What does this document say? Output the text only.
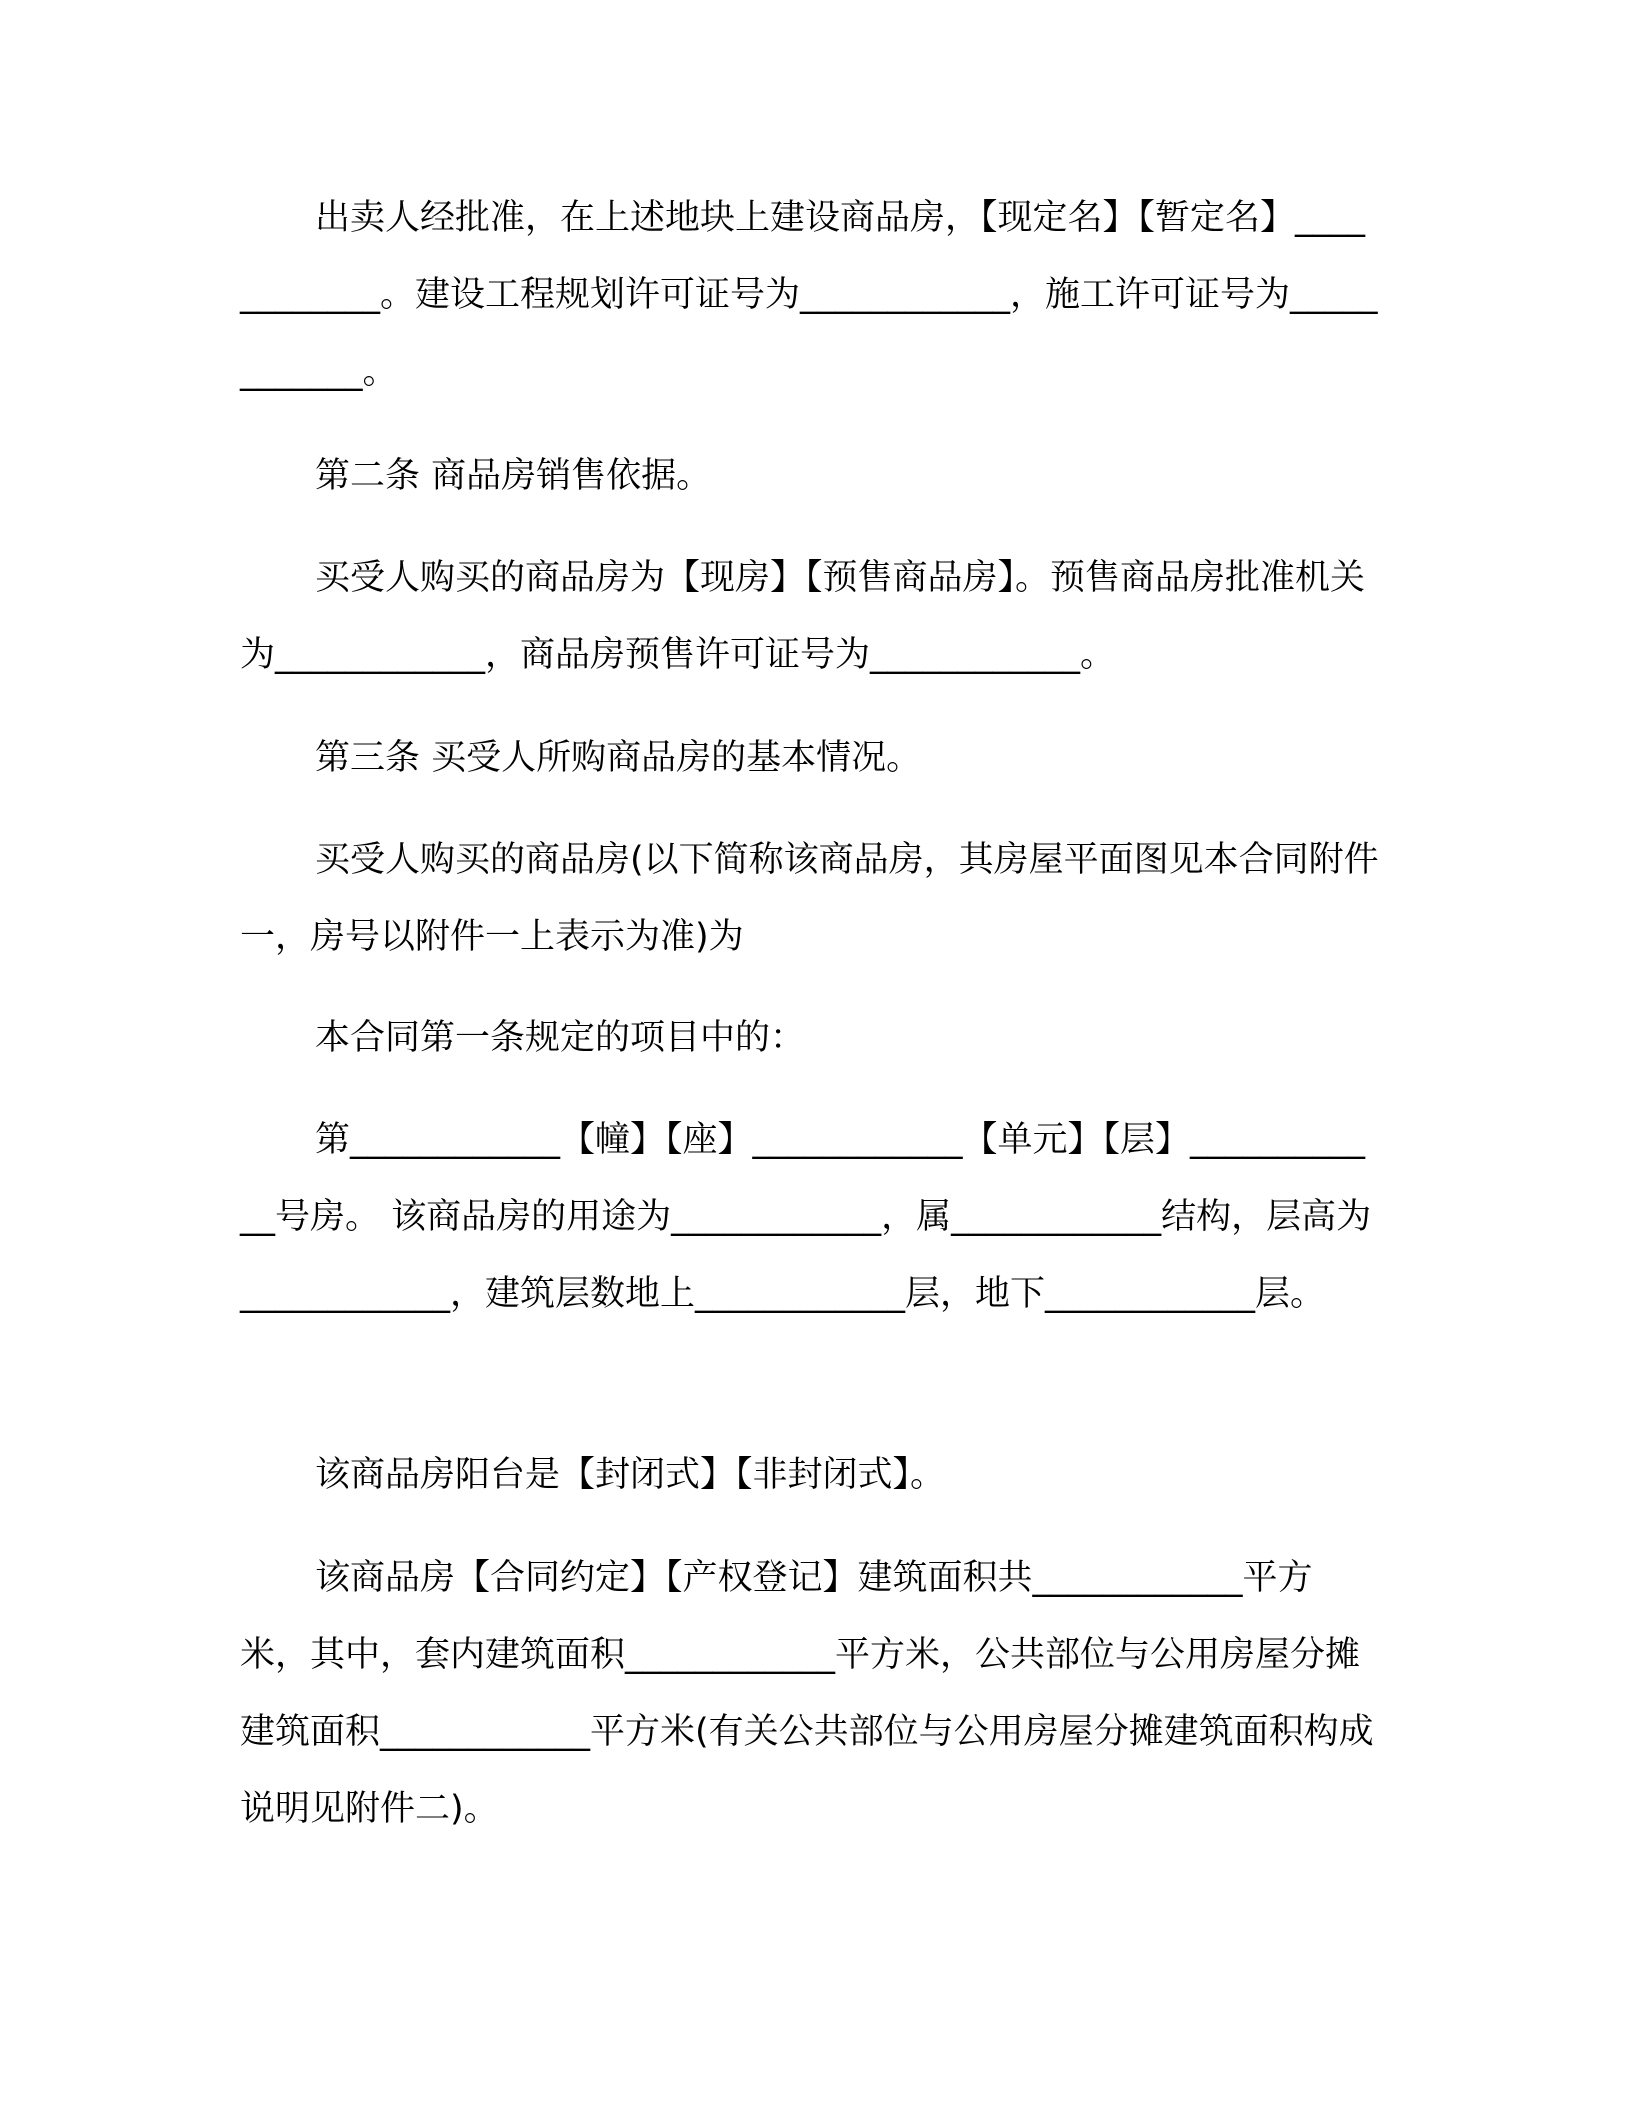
出卖人经批准，在上述地块上建设商品房，【现定名】【暂定名】____________。建设工程规划许可证号为____________，施工许可证号为____________。

第二条 商品房销售依据。

买受人购买的商品房为【现房】【预售商品房】。预售商品房批准机关为____________，商品房预售许可证号为____________。

第三条 买受人所购商品房的基本情况。

买受人购买的商品房(以下简称该商品房，其房屋平面图见本合同附件一，房号以附件一上表示为准)为

本合同第一条规定的项目中的：

第____________【幢】【座】____________【单元】【层】____________号房。 该商品房的用途为____________，属____________结构，层高为____________，建筑层数地上____________层，地下____________层。

该商品房阳台是【封闭式】【非封闭式】。

该商品房【合同约定】【产权登记】建筑面积共____________平方米，其中，套内建筑面积____________平方米，公共部位与公用房屋分摊建筑面积____________平方米(有关公共部位与公用房屋分摊建筑面积构成说明见附件二)。
